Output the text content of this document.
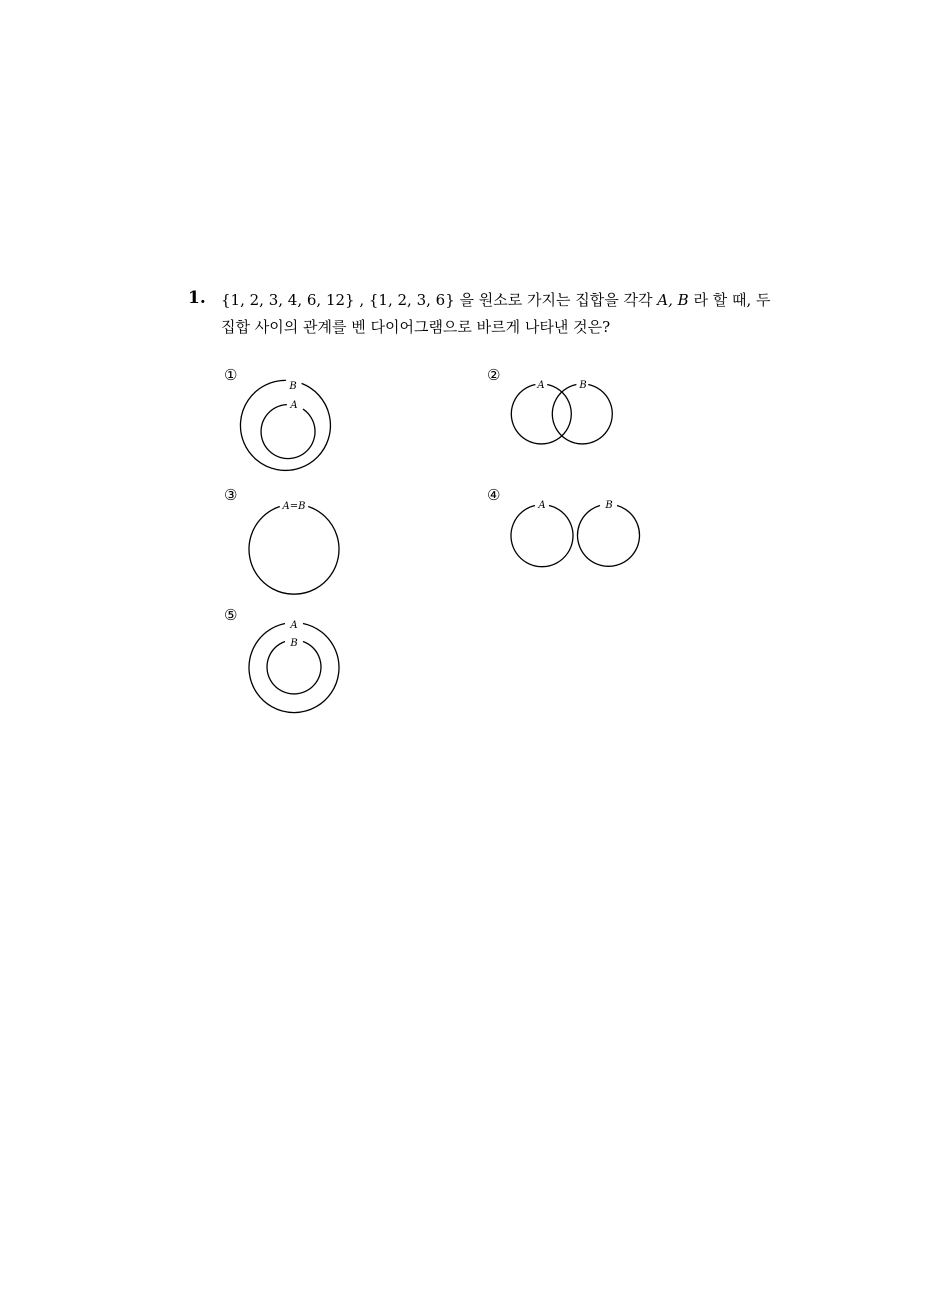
1. {1, 2, 3, 4, 6, 12} , {1, 2, 3, 6} 을 원소로 가지는 집합을 각각 A, B 라 할 때, 두
집합 사이의 관계를 벤 다이어그램으로 바르게 나타낸 것은?
①
B
A
②
A	B
③
A=B
④
A	B
⑤
A
B
